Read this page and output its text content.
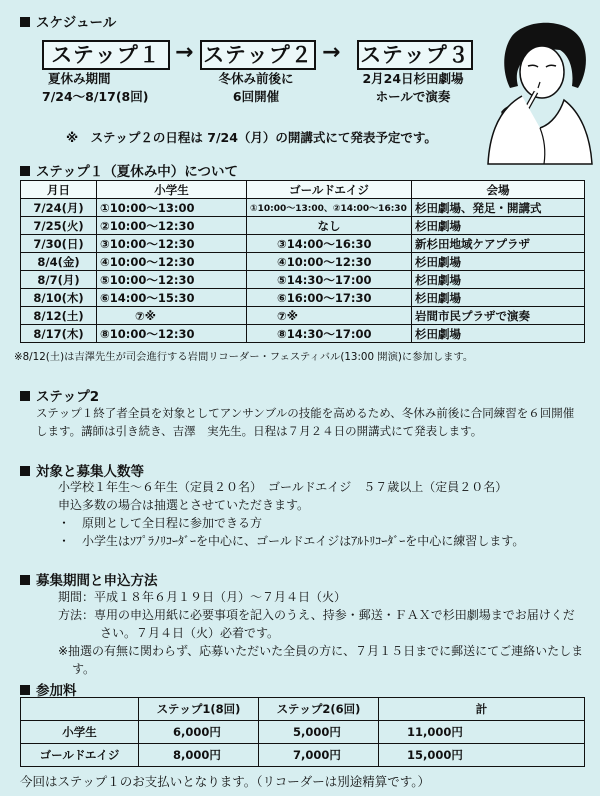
スケジュール
ステップ１ → ステップ２ → ステップ３
夏休み期間
7/24〜8/17(8回)
冬休み前後に
6回開催
2月24日杉田劇場
ホールで演奏
※　ステップ２の日程は 7/24（月）の開講式にて発表予定です。
ステップ１（夏休み中）について
月日	小学生	ゴールドエイジ	会場
7/24(月)	①10:00〜13:00	①10:00〜13:00、②14:00〜16:30	杉田劇場、発足・開講式
7/25(火)	②10:00〜12:30	なし	杉田劇場
7/30(日)	③10:00〜12:30	③14:00〜16:30	新杉田地域ケアプラザ
8/4(金)	④10:00〜12:30	④10:00〜12:30	杉田劇場
8/7(月)	⑤10:00〜12:30	⑤14:30〜17:00	杉田劇場
8/10(木)	⑥14:00〜15:30	⑥16:00〜17:30	杉田劇場
8/12(土)	⑦※	⑦※	岩間市民プラザで演奏
8/17(木)	⑧10:00〜12:30	⑧14:30〜17:00	杉田劇場
※8/12(土)は吉澤先生が司会進行する岩間リコーダー・フェスティバル(13:00 開演)に参加します。
ステップ2
ステップ１終了者全員を対象としてアンサンブルの技能を高めるため、冬休み前後に合同練習を６回開催
します。講師は引き続き、吉澤　実先生。日程は７月２４日の開講式にて発表します。
対象と募集人数等
小学校１年生〜６年生（定員２０名）　ゴールドエイジ　５７歳以上（定員２０名）
申込多数の場合は抽選とさせていただきます。
・　原則として全日程に参加できる方
・　小学生はｿﾌﾟﾗﾉﾘｺｰﾀﾞｰを中心に、ゴールドエイジはｱﾙﾄﾘｺｰﾀﾞｰを中心に練習します。
募集期間と申込方法
期間：平成１８年６月１９日（月）〜７月４日（火）
方法：専用の申込用紙に必要事項を記入のうえ、持参・郵送・ＦＡＸで杉田劇場までお届けくだ
さい。７月４日（火）必着です。
※抽選の有無に関わらず、応募いただいた全員の方に、７月１５日までに郵送にてご連絡いたしま
す。
参加料
	ステップ1(8回)	ステップ2(6回)	計
小学生	6,000円	5,000円	11,000円
ゴールドエイジ	8,000円	7,000円	15,000円
今回はステップ１のお支払いとなります。（リコーダーは別途精算です。）
